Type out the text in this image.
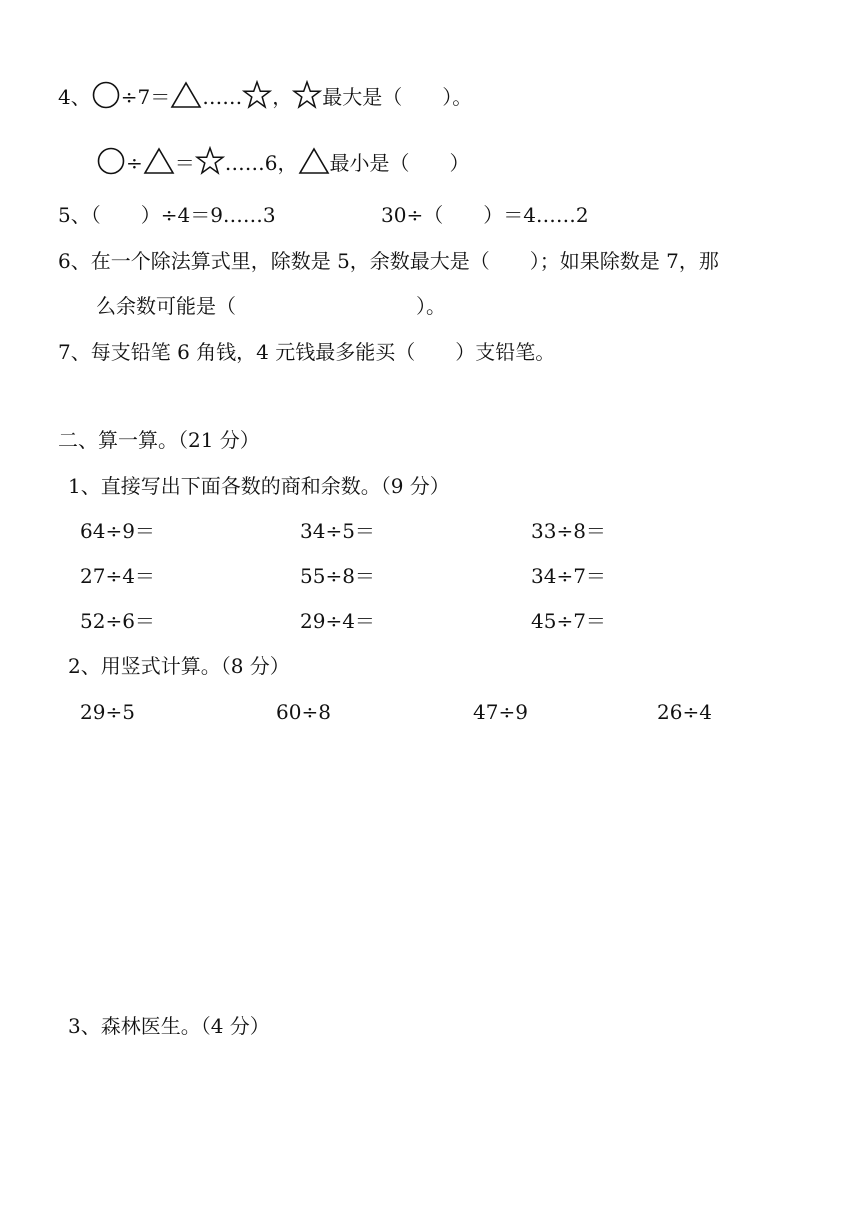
4、 ÷7＝ …… ， 最大是（　　）。
÷ ＝ ……6， 最小是（　　）
5、（　　）÷4＝9……3	30÷（　　）＝4……2
6、在一个除法算式里，除数是 5，余数最大是（　　）；如果除数是 7，那
么余数可能是（　　　　　　　　　）。
7、每支铅笔 6 角钱，4 元钱最多能买（　　）支铅笔。
二、算一算。（21 分）
1、直接写出下面各数的商和余数。（9 分）
64÷9＝	34÷5＝	33÷8＝
27÷4＝	55÷8＝	34÷7＝
52÷6＝	29÷4＝	45÷7＝
2、用竖式计算。（8 分）
29÷5	60÷8	47÷9	26÷4
3、森林医生。（4 分）
